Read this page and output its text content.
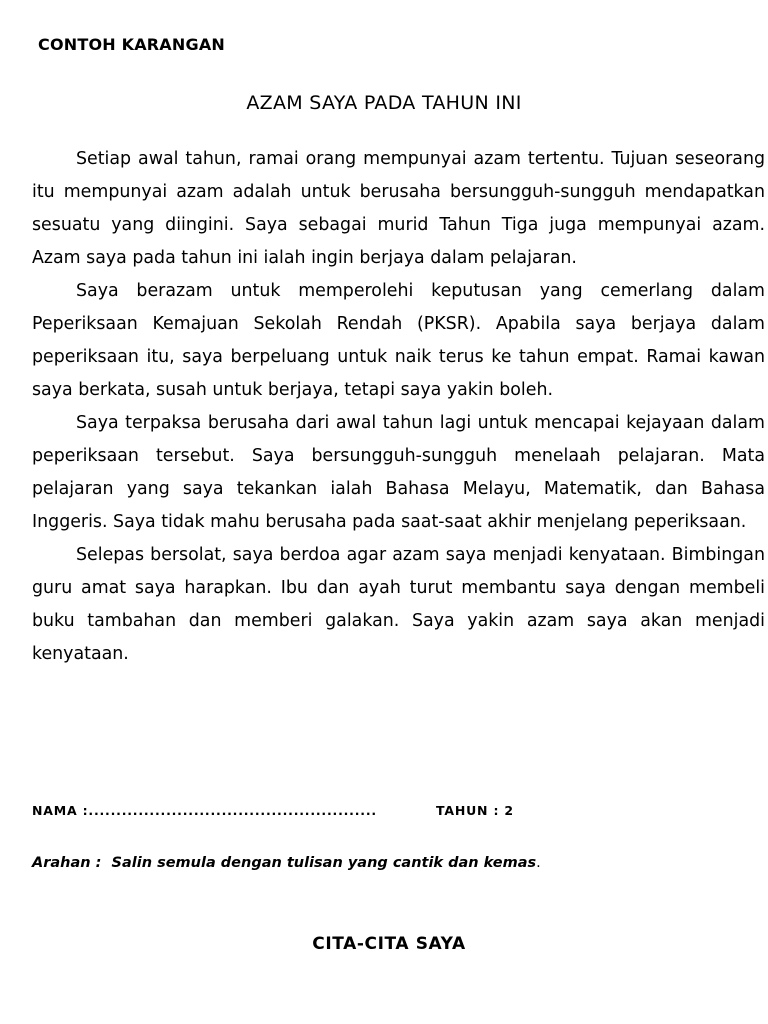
CONTOH KARANGAN
AZAM SAYA PADA TAHUN INI

Setiap awal tahun, ramai orang mempunyai azam tertentu. Tujuan seseorang itu mempunyai azam adalah untuk berusaha bersungguh-sungguh mendapatkan sesuatu yang diingini. Saya sebagai murid Tahun Tiga juga mempunyai azam. Azam saya pada tahun ini ialah ingin berjaya dalam pelajaran.

Saya berazam untuk memperolehi keputusan yang cemerlang dalam Peperiksaan Kemajuan Sekolah Rendah (PKSR). Apabila saya berjaya dalam peperiksaan itu, saya berpeluang untuk naik terus ke tahun empat. Ramai kawan saya berkata, susah untuk berjaya, tetapi saya yakin boleh.

Saya terpaksa berusaha dari awal tahun lagi untuk mencapai kejayaan dalam peperiksaan tersebut. Saya bersungguh-sungguh menelaah pelajaran. Mata pelajaran yang saya tekankan ialah Bahasa Melayu, Matematik, dan Bahasa Inggeris. Saya tidak mahu berusaha pada saat-saat akhir menjelang peperiksaan.

Selepas bersolat, saya berdoa agar azam saya menjadi kenyataan. Bimbingan guru amat saya harapkan. Ibu dan ayah turut membantu saya dengan membeli buku tambahan dan memberi galakan. Saya yakin azam saya akan menjadi kenyataan.

NAMA :....................................................	TAHUN : 2
Arahan : Salin semula dengan tulisan yang cantik dan kemas.
CITA-CITA SAYA
